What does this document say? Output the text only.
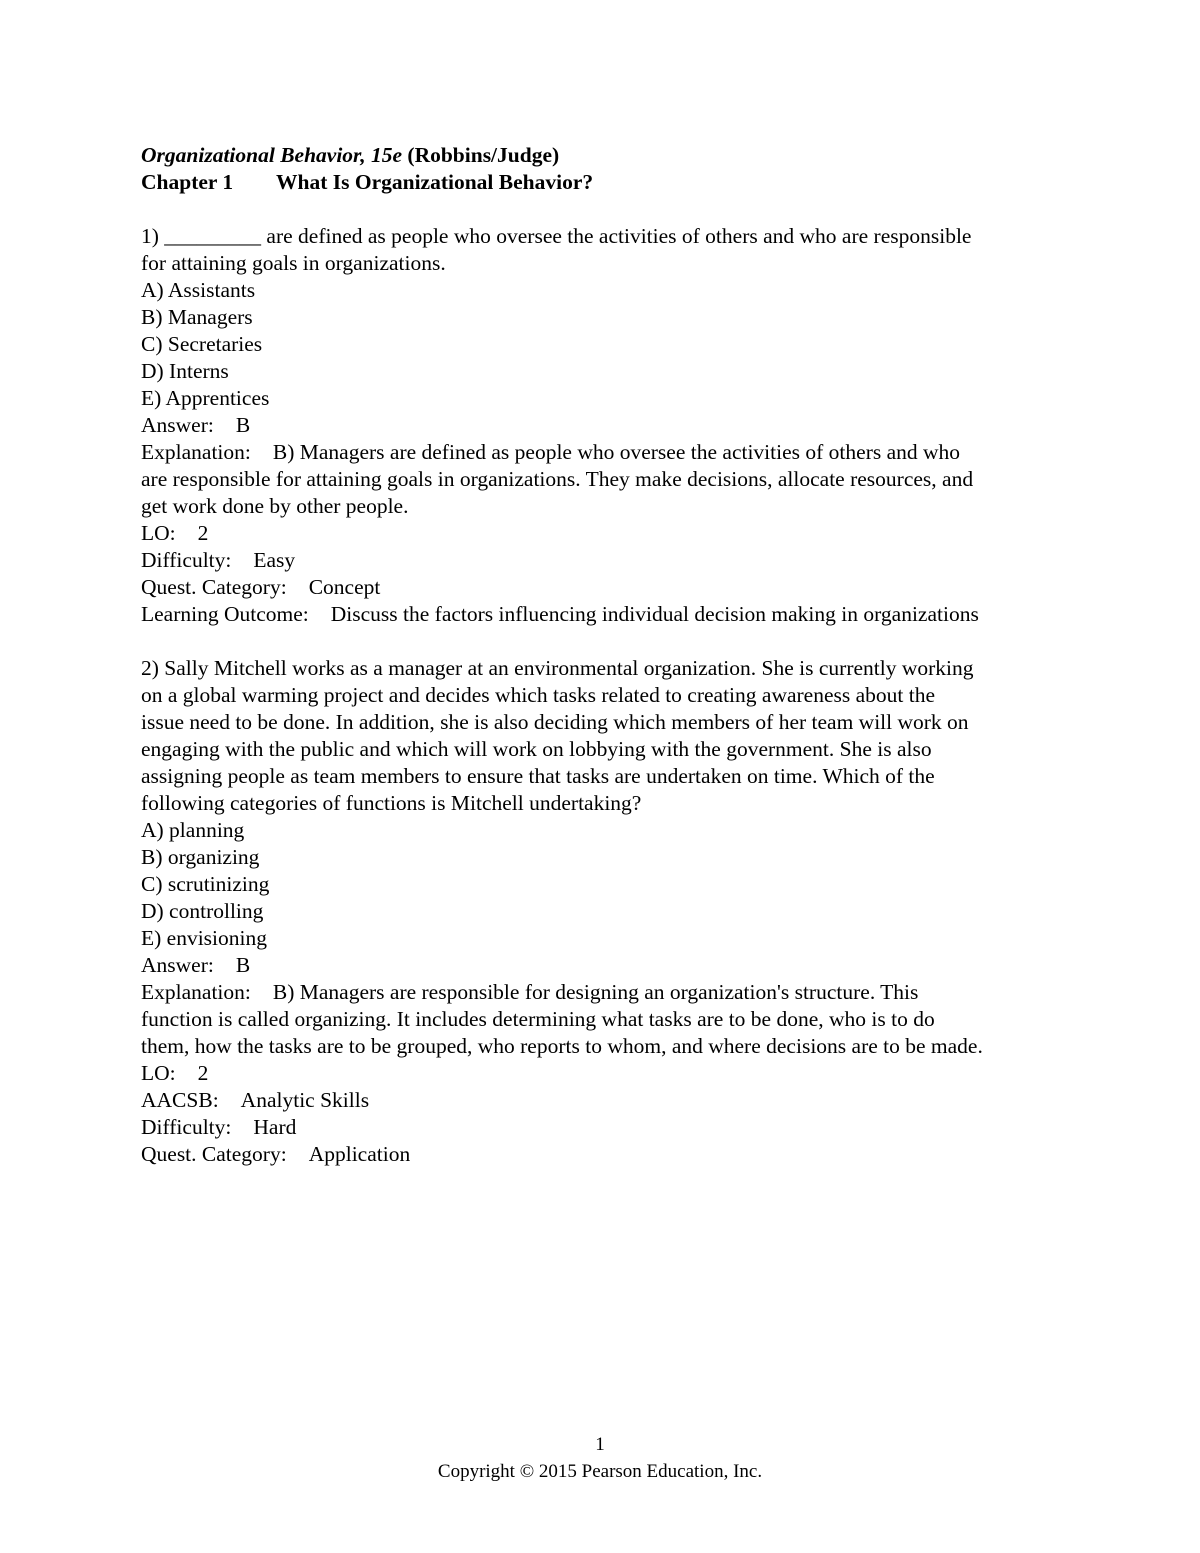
Organizational Behavior, 15e (Robbins/Judge)
Chapter 1 What Is Organizational Behavior?
1) _________ are defined as people who oversee the activities of others and who are responsible
for attaining goals in organizations.
A) Assistants
B) Managers
C) Secretaries
D) Interns
E) Apprentices
Answer: B
Explanation: B) Managers are defined as people who oversee the activities of others and who
are responsible for attaining goals in organizations. They make decisions, allocate resources, and
get work done by other people.
LO: 2
Difficulty: Easy
Quest. Category: Concept
Learning Outcome: Discuss the factors influencing individual decision making in organizations
2) Sally Mitchell works as a manager at an environmental organization. She is currently working
on a global warming project and decides which tasks related to creating awareness about the
issue need to be done. In addition, she is also deciding which members of her team will work on
engaging with the public and which will work on lobbying with the government. She is also
assigning people as team members to ensure that tasks are undertaken on time. Which of the
following categories of functions is Mitchell undertaking?
A) planning
B) organizing
C) scrutinizing
D) controlling
E) envisioning
Answer: B
Explanation: B) Managers are responsible for designing an organization's structure. This
function is called organizing. It includes determining what tasks are to be done, who is to do
them, how the tasks are to be grouped, who reports to whom, and where decisions are to be made.
LO: 2
AACSB: Analytic Skills
Difficulty: Hard
Quest. Category: Application
1
Copyright © 2015 Pearson Education, Inc.
